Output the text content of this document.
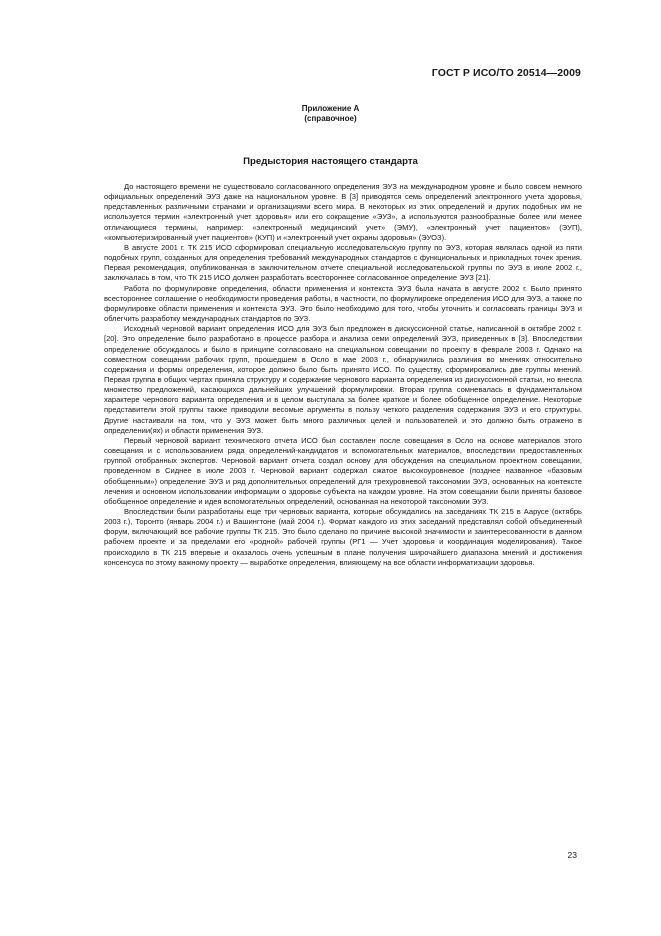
ГОСТ Р ИСО/ТО 20514—2009
Приложение А
(справочное)
Предыстория настоящего стандарта

До настоящего времени не существовало согласованного определения ЭУЗ на международном уровне и было совсем немного официальных определений ЭУЗ даже на национальном уровне. В [3] приводятся семь определений электронного учета здоровья, представленных различными странами и организациями всего мира. В некоторых из этих определений и других подобных им не используется термин «электронный учет здоровья» или его сокращение «ЭУЗ», а используются разнообразные более или менее отличающиеся термины, например: «электронный медицинский учет» (ЭМУ), «электронный учет пациентов» (ЭУП), «компьютеризированный учет пациентов» (КУП) и «электронный учет охраны здоровья» (ЭУОЗ).

В августе 2001 г. ТК 215 ИСО сформировал специальную исследовательскую группу по ЭУЗ, которая являлась одной из пяти подобных групп, созданных для определения требований международных стандартов с функциональных и прикладных точек зрения. Первая рекомендация, опубликованная в заключительном отчете специальной исследовательской группы по ЭУЗ в июле 2002 г., заключалась в том, что ТК 215 ИСО должен разработать всестороннее согласованное определение ЭУЗ [21].

Работа по формулировке определения, области применения и контекста ЭУЗ была начата в августе 2002 г. Было принято всестороннее соглашение о необходимости проведения работы, в частности, по формулировке определения ИСО для ЭУЗ, а также по формулировке области применения и контекста ЭУЗ. Это было необходимо для того, чтобы уточнить и согласовать границы ЭУЗ и облегчить разработку международных стандартов по ЭУЗ.

Исходный черновой вариант определения ИСО для ЭУЗ был предложен в дискуссионной статье, написанной в октябре 2002 г. [20]. Это определение было разработано в процессе разбора и анализа семи определений ЭУЗ, приведенных в [3]. Впоследствии определение обсуждалось и было в принципе согласовано на специальном совещании по проекту в феврале 2003 г. Однако на совместном совещании рабочих групп, прошедшем в Осло в мае 2003 г., обнаружились различия во мнениях относительно содержания и формы определения, которое должно было быть принято ИСО. По существу, сформировались две группы мнений. Первая группа в общих чертах приняла структуру и содержание чернового варианта определения из дискуссионной статьи, но внесла множество предложений, касающихся дальнейших улучшений формулировки. Вторая группа сомневалась в фундаментальном характере чернового варианта определения и в целом выступала за более краткое и более обобщенное определение. Некоторые представители этой группы также приводили весомые аргументы в пользу четкого разделения содержания ЭУЗ и его структуры. Другие настаивали на том, что у ЭУЗ может быть много различных целей и пользователей и это должно быть отражено в определении(ях) и области применения ЭУЗ.

Первый черновой вариант технического отчета ИСО был составлен после совещания в Осло на основе материалов этого совещания и с использованием ряда определений-кандидатов и вспомогательных материалов, впоследствии предоставленных группой отобранных экспертов. Черновой вариант отчета создал основу для обсуждения на специальном проектном совещании, проведенном в Сиднее в июле 2003 г. Черновой вариант содержал сжатое высокоуровневое (позднее названное «базовым обобщенным») определение ЭУЗ и ряд дополнительных определений для трехуровневой таксономии ЭУЗ, основанных на контексте лечения и основном использовании информации о здоровье субъекта на каждом уровне. На этом совещании были приняты базовое обобщенное определение и идея вспомогательных определений, основанная на некоторой таксономии ЭУЗ.

Впоследствии были разработаны еще три черновых варианта, которые обсуждались на заседаниях ТК 215 в Аарусе (октябрь 2003 г.), Торонто (январь 2004 г.) и Вашингтоне (май 2004 г.). Формат каждого из этих заседаний представлял собой объединенный форум, включающий все рабочие группы ТК 215. Это было сделано по причине высокой значимости и заинтересованности в данном рабочем проекте и за пределами его «родной» рабочей группы (РГ1 — Учет здоровья и координация моделирования). Такое происходило в ТК 215 впервые и оказалось очень успешным в плане получения широчайшего диапазона мнений и достижения консенсуса по этому важному проекту — выработке определения, влияющему на все области информатизации здоровья.

23
